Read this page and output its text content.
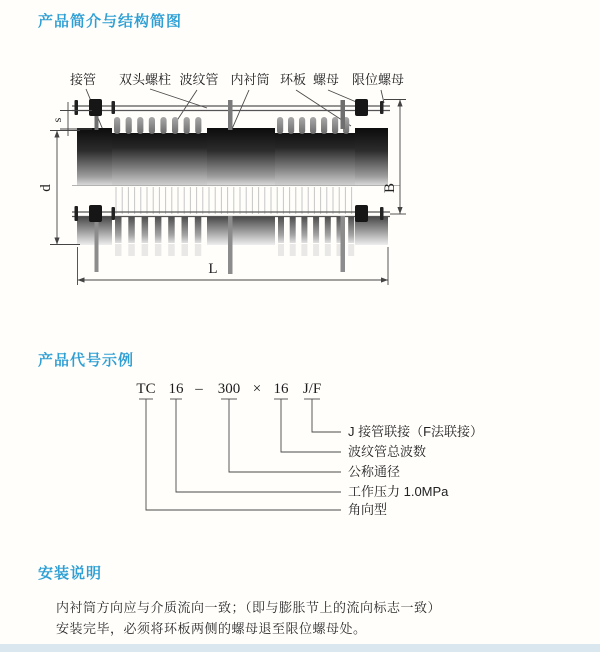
产品简介与结构简图
接管 双头螺柱 波纹管 内衬筒 环板 螺母 限位螺母
s
d	B
L
产品代号示例
TC 16 – 300 × 16 J/F
J 接管联接（F法联接）
波纹管总波数
公称通径
工作压力 1.0MPa
角向型
安装说明

内衬筒方向应与介质流向一致；（即与膨胀节上的流向标志一致）

安装完毕，必须将环板两侧的螺母退至限位螺母处。
